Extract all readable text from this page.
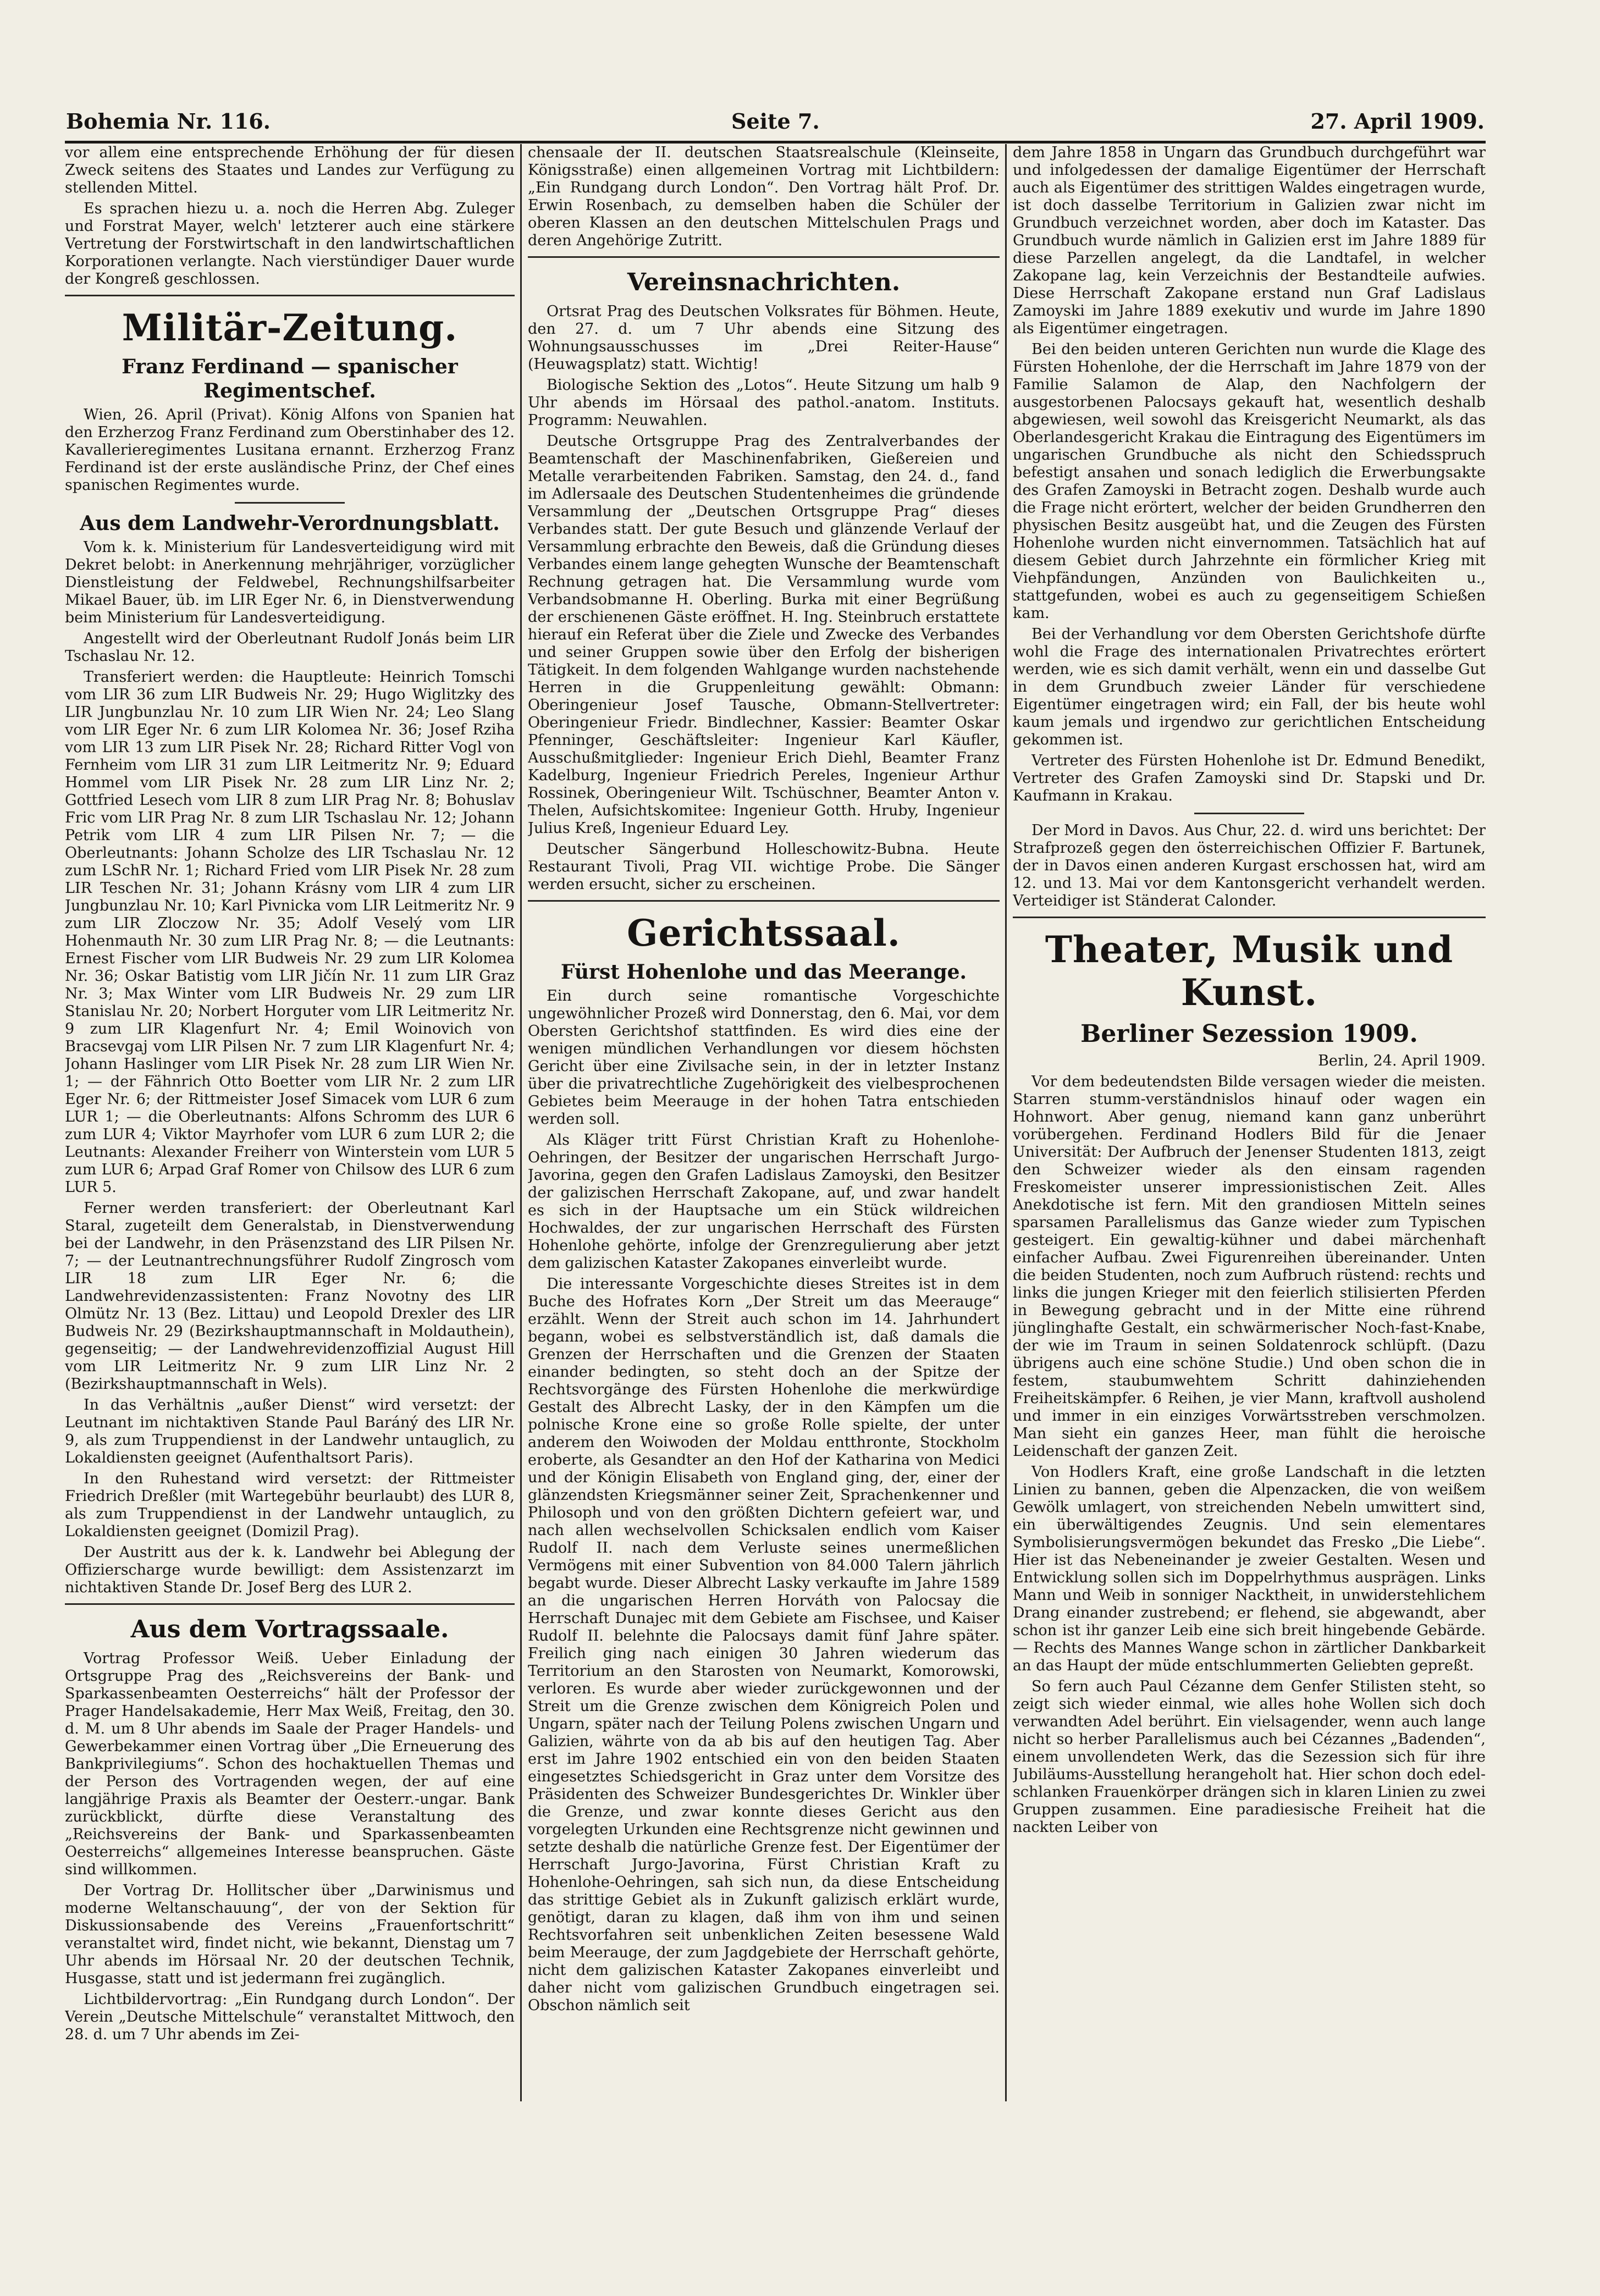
Bohemia Nr. 116.	Seite 7.	27. April 1909.

vor allem eine entsprechende Erhöhung der für diesen Zweck seitens des Staates und Landes zur Verfügung zu stellenden Mittel.

Es sprachen hiezu u. a. noch die Herren Abg. Zuleger und Forstrat Mayer, welch' letzterer auch eine stärkere Vertretung der Forstwirtschaft in den landwirtschaftlichen Korporationen verlangte. Nach vierstündiger Dauer wurde der Kongreß geschlossen.

Militär-Zeitung.
Franz Ferdinand — spanischer Regimentschef.

Wien, 26. April (Privat). König Alfons von Spanien hat den Erzherzog Franz Ferdinand zum Oberstinhaber des 12. Kavallerieregimentes Lusitana ernannt. Erzherzog Franz Ferdinand ist der erste ausländische Prinz, der Chef eines spanischen Regimentes wurde.

Aus dem Landwehr-Verordnungsblatt.

Vom k. k. Ministerium für Landesverteidigung wird mit Dekret belobt: in Anerkennung mehrjähriger, vorzüglicher Dienstleistung der Feldwebel, Rechnungshilfsarbeiter Mikael Bauer, üb. im LIR Eger Nr. 6, in Dienstverwendung beim Ministerium für Landesverteidigung.

Angestellt wird der Oberleutnant Rudolf Jonás beim LIR Tschaslau Nr. 12.

Transferiert werden: die Hauptleute: Heinrich Tomschi vom LIR 36 zum LIR Budweis Nr. 29; Hugo Wiglitzky des LIR Jungbunzlau Nr. 10 zum LIR Wien Nr. 24; Leo Slang vom LIR Eger Nr. 6 zum LIR Kolomea Nr. 36; Josef Rziha vom LIR 13 zum LIR Pisek Nr. 28; Richard Ritter Vogl von Fernheim vom LIR 31 zum LIR Leitmeritz Nr. 9; Eduard Hommel vom LIR Pisek Nr. 28 zum LIR Linz Nr. 2; Gottfried Lesech vom LIR 8 zum LIR Prag Nr. 8; Bohuslav Fric vom LIR Prag Nr. 8 zum LIR Tschaslau Nr. 12; Johann Petrik vom LIR 4 zum LIR Pilsen Nr. 7; — die Oberleutnants: Johann Scholze des LIR Tschaslau Nr. 12 zum LSchR Nr. 1; Richard Fried vom LIR Pisek Nr. 28 zum LIR Teschen Nr. 31; Johann Krásny vom LIR 4 zum LIR Jungbunzlau Nr. 10; Karl Pivnicka vom LIR Leitmeritz Nr. 9 zum LIR Zloczow Nr. 35; Adolf Veselý vom LIR Hohenmauth Nr. 30 zum LIR Prag Nr. 8; — die Leutnants: Ernest Fischer vom LIR Budweis Nr. 29 zum LIR Kolomea Nr. 36; Oskar Batistig vom LIR Jičín Nr. 11 zum LIR Graz Nr. 3; Max Winter vom LIR Budweis Nr. 29 zum LIR Stanislau Nr. 20; Norbert Horguter vom LIR Leitmeritz Nr. 9 zum LIR Klagenfurt Nr. 4; Emil Woinovich von Bracsevgaj vom LIR Pilsen Nr. 7 zum LIR Klagenfurt Nr. 4; Johann Haslinger vom LIR Pisek Nr. 28 zum LIR Wien Nr. 1; — der Fähnrich Otto Boetter vom LIR Nr. 2 zum LIR Eger Nr. 6; der Rittmeister Josef Simacek vom LUR 6 zum LUR 1; — die Oberleutnants: Alfons Schromm des LUR 6 zum LUR 4; Viktor Mayrhofer vom LUR 6 zum LUR 2; die Leutnants: Alexander Freiherr von Winterstein vom LUR 5 zum LUR 6; Arpad Graf Romer von Chilsow des LUR 6 zum LUR 5.

Ferner werden transferiert: der Oberleutnant Karl Staral, zugeteilt dem Generalstab, in Dienstverwendung bei der Landwehr, in den Präsenzstand des LIR Pilsen Nr. 7; — der Leutnantrechnungsführer Rudolf Zingrosch vom LIR 18 zum LIR Eger Nr. 6; die Landwehrevidenzassistenten: Franz Novotny des LIR Olmütz Nr. 13 (Bez. Littau) und Leopold Drexler des LIR Budweis Nr. 29 (Bezirkshauptmannschaft in Moldauthein), gegenseitig; — der Landwehrevidenzoffizial August Hill vom LIR Leitmeritz Nr. 9 zum LIR Linz Nr. 2 (Bezirkshauptmannschaft in Wels).

In das Verhältnis „außer Dienst“ wird versetzt: der Leutnant im nichtaktiven Stande Paul Baráný des LIR Nr. 9, als zum Truppendienst in der Landwehr untauglich, zu Lokaldiensten geeignet (Aufenthaltsort Paris).

In den Ruhestand wird versetzt: der Rittmeister Friedrich Dreßler (mit Wartegebühr beurlaubt) des LUR 8, als zum Truppendienst in der Landwehr untauglich, zu Lokaldiensten geeignet (Domizil Prag).

Der Austritt aus der k. k. Landwehr bei Ablegung der Offizierscharge wurde bewilligt: dem Assistenzarzt im nichtaktiven Stande Dr. Josef Berg des LUR 2.

Aus dem Vortragssaale.

Vortrag Professor Weiß. Ueber Einladung der Ortsgruppe Prag des „Reichsvereins der Bank- und Sparkassenbeamten Oesterreichs“ hält der Professor der Prager Handelsakademie, Herr Max Weiß, Freitag, den 30. d. M. um 8 Uhr abends im Saale der Prager Handels- und Gewerbekammer einen Vortrag über „Die Erneuerung des Bankprivilegiums“. Schon des hochaktuellen Themas und der Person des Vortragenden wegen, der auf eine langjährige Praxis als Beamter der Oesterr.-ungar. Bank zurückblickt, dürfte diese Veranstaltung des „Reichsvereins der Bank- und Sparkassenbeamten Oesterreichs“ allgemeines Interesse beanspruchen. Gäste sind willkommen.

Der Vortrag Dr. Hollitscher über „Darwinismus und moderne Weltanschauung“, der von der Sektion für Diskussionsabende des Vereins „Frauenfortschritt“ veranstaltet wird, findet nicht, wie bekannt, Dienstag um 7 Uhr abends im Hörsaal Nr. 20 der deutschen Technik, Husgasse, statt und ist jedermann frei zugänglich.

Lichtbildervortrag: „Ein Rundgang durch London“. Der Verein „Deutsche Mittelschule“ veranstaltet Mittwoch, den 28. d. um 7 Uhr abends im Zei-

chensaale der II. deutschen Staatsrealschule (Kleinseite, Königsstraße) einen allgemeinen Vortrag mit Lichtbildern: „Ein Rundgang durch London“. Den Vortrag hält Prof. Dr. Erwin Rosenbach, zu demselben haben die Schüler der oberen Klassen an den deutschen Mittelschulen Prags und deren Angehörige Zutritt.

Vereinsnachrichten.

Ortsrat Prag des Deutschen Volksrates für Böhmen. Heute, den 27. d. um 7 Uhr abends eine Sitzung des Wohnungsausschusses im „Drei Reiter-Hause“ (Heuwagsplatz) statt. Wichtig!

Biologische Sektion des „Lotos“. Heute Sitzung um halb 9 Uhr abends im Hörsaal des pathol.-anatom. Instituts. Programm: Neuwahlen.

Deutsche Ortsgruppe Prag des Zentralverbandes der Beamtenschaft der Maschinenfabriken, Gießereien und Metalle verarbeitenden Fabriken. Samstag, den 24. d., fand im Adlersaale des Deutschen Studentenheimes die gründende Versammlung der „Deutschen Ortsgruppe Prag“ dieses Verbandes statt. Der gute Besuch und glänzende Verlauf der Versammlung erbrachte den Beweis, daß die Gründung dieses Verbandes einem lange gehegten Wunsche der Beamtenschaft Rechnung getragen hat. Die Versammlung wurde vom Verbandsobmanne H. Oberling. Burka mit einer Begrüßung der erschienenen Gäste eröffnet. H. Ing. Steinbruch erstattete hierauf ein Referat über die Ziele und Zwecke des Verbandes und seiner Gruppen sowie über den Erfolg der bisherigen Tätigkeit. In dem folgenden Wahlgange wurden nachstehende Herren in die Gruppenleitung gewählt: Obmann: Oberingenieur Josef Tausche, Obmann-Stellvertreter: Oberingenieur Friedr. Bindlechner, Kassier: Beamter Oskar Pfenninger, Geschäftsleiter: Ingenieur Karl Käufler, Ausschußmitglieder: Ingenieur Erich Diehl, Beamter Franz Kadelburg, Ingenieur Friedrich Pereles, Ingenieur Arthur Rossinek, Oberingenieur Wilt. Tschüschner, Beamter Anton v. Thelen, Aufsichtskomitee: Ingenieur Gotth. Hruby, Ingenieur Julius Kreß, Ingenieur Eduard Ley.

Deutscher Sängerbund Holleschowitz-Bubna. Heute Restaurant Tivoli, Prag VII. wichtige Probe. Die Sänger werden ersucht, sicher zu erscheinen.

Gerichtssaal.
Fürst Hohenlohe und das Meerange.

Ein durch seine romantische Vorgeschichte ungewöhnlicher Prozeß wird Donnerstag, den 6. Mai, vor dem Obersten Gerichtshof stattfinden. Es wird dies eine der wenigen mündlichen Verhandlungen vor diesem höchsten Gericht über eine Zivilsache sein, in der in letzter Instanz über die privatrechtliche Zugehörigkeit des vielbesprochenen Gebietes beim Meerauge in der hohen Tatra entschieden werden soll.

Als Kläger tritt Fürst Christian Kraft zu Hohenlohe-Oehringen, der Besitzer der ungarischen Herrschaft Jurgo-Javorina, gegen den Grafen Ladislaus Zamoyski, den Besitzer der galizischen Herrschaft Zakopane, auf, und zwar handelt es sich in der Hauptsache um ein Stück wildreichen Hochwaldes, der zur ungarischen Herrschaft des Fürsten Hohenlohe gehörte, infolge der Grenzregulierung aber jetzt dem galizischen Kataster Zakopanes einverleibt wurde.

Die interessante Vorgeschichte dieses Streites ist in dem Buche des Hofrates Korn „Der Streit um das Meerauge“ erzählt. Wenn der Streit auch schon im 14. Jahrhundert begann, wobei es selbstverständlich ist, daß damals die Grenzen der Herrschaften und die Grenzen der Staaten einander bedingten, so steht doch an der Spitze der Rechtsvorgänge des Fürsten Hohenlohe die merkwürdige Gestalt des Albrecht Lasky, der in den Kämpfen um die polnische Krone eine so große Rolle spielte, der unter anderem den Woiwoden der Moldau entthronte, Stockholm eroberte, als Gesandter an den Hof der Katharina von Medici und der Königin Elisabeth von England ging, der, einer der glänzendsten Kriegsmänner seiner Zeit, Sprachenkenner und Philosoph und von den größten Dichtern gefeiert war, und nach allen wechselvollen Schicksalen endlich vom Kaiser Rudolf II. nach dem Verluste seines unermeßlichen Vermögens mit einer Subvention von 84.000 Talern jährlich begabt wurde. Dieser Albrecht Lasky verkaufte im Jahre 1589 an die ungarischen Herren Horváth von Palocsay die Herrschaft Dunajec mit dem Gebiete am Fischsee, und Kaiser Rudolf II. belehnte die Palocsays damit fünf Jahre später. Freilich ging nach einigen 30 Jahren wiederum das Territorium an den Starosten von Neumarkt, Komorowski, verloren. Es wurde aber wieder zurückgewonnen und der Streit um die Grenze zwischen dem Königreich Polen und Ungarn, später nach der Teilung Polens zwischen Ungarn und Galizien, währte von da ab bis auf den heutigen Tag. Aber erst im Jahre 1902 entschied ein von den beiden Staaten eingesetztes Schiedsgericht in Graz unter dem Vorsitze des Präsidenten des Schweizer Bundesgerichtes Dr. Winkler über die Grenze, und zwar konnte dieses Gericht aus den vorgelegten Urkunden eine Rechtsgrenze nicht gewinnen und setzte deshalb die natürliche Grenze fest. Der Eigentümer der Herrschaft Jurgo-Javorina, Fürst Christian Kraft zu Hohenlohe-Oehringen, sah sich nun, da diese Entscheidung das strittige Gebiet als in Zukunft galizisch erklärt wurde, genötigt, daran zu klagen, daß ihm von ihm und seinen Rechtsvorfahren seit unbenklichen Zeiten besessene Wald beim Meerauge, der zum Jagdgebiete der Herrschaft gehörte, nicht dem galizischen Kataster Zakopanes einverleibt und daher nicht vom galizischen Grundbuch eingetragen sei. Obschon nämlich seit

dem Jahre 1858 in Ungarn das Grundbuch durchgeführt war und infolgedessen der damalige Eigentümer der Herrschaft auch als Eigentümer des strittigen Waldes eingetragen wurde, ist doch dasselbe Territorium in Galizien zwar nicht im Grundbuch verzeichnet worden, aber doch im Kataster. Das Grundbuch wurde nämlich in Galizien erst im Jahre 1889 für diese Parzellen angelegt, da die Landtafel, in welcher Zakopane lag, kein Verzeichnis der Bestandteile aufwies. Diese Herrschaft Zakopane erstand nun Graf Ladislaus Zamoyski im Jahre 1889 exekutiv und wurde im Jahre 1890 als Eigentümer eingetragen.

Bei den beiden unteren Gerichten nun wurde die Klage des Fürsten Hohenlohe, der die Herrschaft im Jahre 1879 von der Familie Salamon de Alap, den Nachfolgern der ausgestorbenen Palocsays gekauft hat, wesentlich deshalb abgewiesen, weil sowohl das Kreisgericht Neumarkt, als das Oberlandesgericht Krakau die Eintragung des Eigentümers im ungarischen Grundbuche als nicht den Schiedsspruch befestigt ansahen und sonach lediglich die Erwerbungsakte des Grafen Zamoyski in Betracht zogen. Deshalb wurde auch die Frage nicht erörtert, welcher der beiden Grundherren den physischen Besitz ausgeübt hat, und die Zeugen des Fürsten Hohenlohe wurden nicht einvernommen. Tatsächlich hat auf diesem Gebiet durch Jahrzehnte ein förmlicher Krieg mit Viehpfändungen, Anzünden von Baulichkeiten u., stattgefunden, wobei es auch zu gegenseitigem Schießen kam.

Bei der Verhandlung vor dem Obersten Gerichtshofe dürfte wohl die Frage des internationalen Privatrechtes erörtert werden, wie es sich damit verhält, wenn ein und dasselbe Gut in dem Grundbuch zweier Länder für verschiedene Eigentümer eingetragen wird; ein Fall, der bis heute wohl kaum jemals und irgendwo zur gerichtlichen Entscheidung gekommen ist.

Vertreter des Fürsten Hohenlohe ist Dr. Edmund Benedikt, Vertreter des Grafen Zamoyski sind Dr. Stapski und Dr. Kaufmann in Krakau.

Der Mord in Davos. Aus Chur, 22. d. wird uns berichtet: Der Strafprozeß gegen den österreichischen Offizier F. Bartunek, der in Davos einen anderen Kurgast erschossen hat, wird am 12. und 13. Mai vor dem Kantonsgericht verhandelt werden. Verteidiger ist Ständerat Calonder.

Theater, Musik und Kunst.
Berliner Sezession 1909.

Berlin, 24. April 1909.

Vor dem bedeutendsten Bilde versagen wieder die meisten. Starren stumm-verständnislos hinauf oder wagen ein Hohnwort. Aber genug, niemand kann ganz unberührt vorübergehen. Ferdinand Hodlers Bild für die Jenaer Universität: Der Aufbruch der Jenenser Studenten 1813, zeigt den Schweizer wieder als den einsam ragenden Freskomeister unserer impressionistischen Zeit. Alles Anekdotische ist fern. Mit den grandiosen Mitteln seines sparsamen Parallelismus das Ganze wieder zum Typischen gesteigert. Ein gewaltig-kühner und dabei märchenhaft einfacher Aufbau. Zwei Figurenreihen übereinander. Unten die beiden Studenten, noch zum Aufbruch rüstend: rechts und links die jungen Krieger mit den feierlich stilisierten Pferden in Bewegung gebracht und in der Mitte eine rührend jünglinghafte Gestalt, ein schwärmerischer Noch-fast-Knabe, der wie im Traum in seinen Soldatenrock schlüpft. (Dazu übrigens auch eine schöne Studie.) Und oben schon die in festem, staubumwehtem Schritt dahinziehenden Freiheitskämpfer. 6 Reihen, je vier Mann, kraftvoll ausholend und immer in ein einziges Vorwärtsstreben verschmolzen. Man sieht ein ganzes Heer, man fühlt die heroische Leidenschaft der ganzen Zeit.

Von Hodlers Kraft, eine große Landschaft in die letzten Linien zu bannen, geben die Alpenzacken, die von weißem Gewölk umlagert, von streichenden Nebeln umwittert sind, ein überwältigendes Zeugnis. Und sein elementares Symbolisierungsvermögen bekundet das Fresko „Die Liebe“. Hier ist das Nebeneinander je zweier Gestalten. Wesen und Entwicklung sollen sich im Doppelrhythmus ausprägen. Links Mann und Weib in sonniger Nacktheit, in unwiderstehlichem Drang einander zustrebend; er flehend, sie abgewandt, aber schon ist ihr ganzer Leib eine sich breit hingebende Gebärde. — Rechts des Mannes Wange schon in zärtlicher Dankbarkeit an das Haupt der müde entschlummerten Geliebten gepreßt.

So fern auch Paul Cézanne dem Genfer Stilisten steht, so zeigt sich wieder einmal, wie alles hohe Wollen sich doch verwandten Adel berührt. Ein vielsagender, wenn auch lange nicht so herber Parallelismus auch bei Cézannes „Badenden“, einem unvollendeten Werk, das die Sezession sich für ihre Jubiläums-Ausstellung herangeholt hat. Hier schon doch edel-schlanken Frauenkörper drängen sich in klaren Linien zu zwei Gruppen zusammen. Eine paradiesische Freiheit hat die nackten Leiber von
